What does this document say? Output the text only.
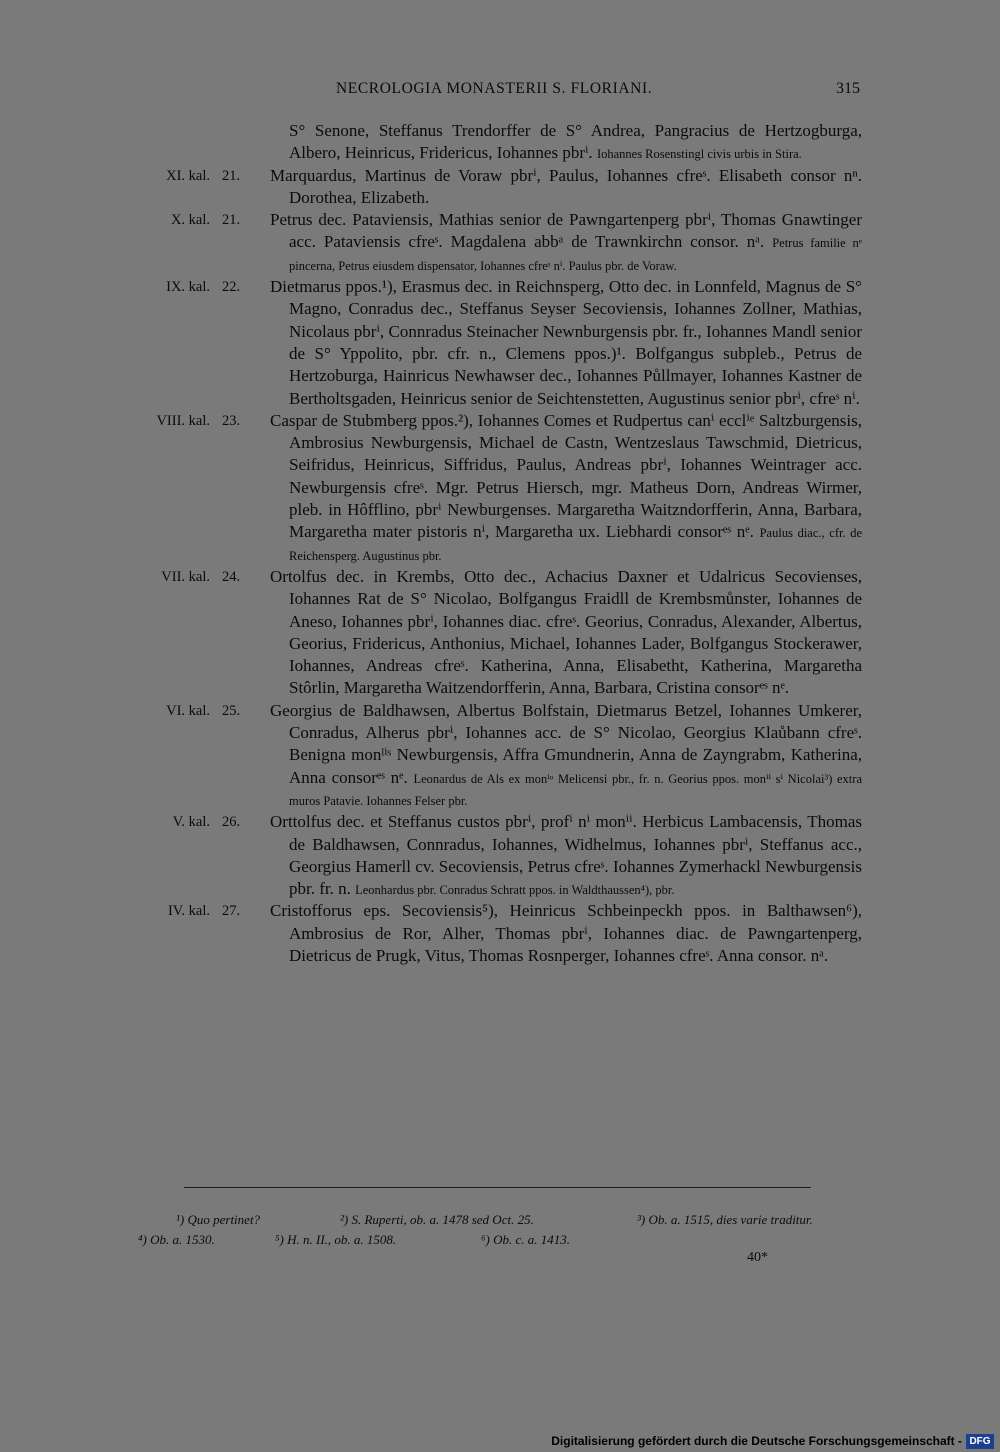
NECROLOGIA MONASTERII S. FLORIANI.	315
S° Senone, Steffanus Trendorffer de S° Andrea, Pangracius de Hertzogburga, Albero, Heinricus, Fridericus, Iohannes pbrⁱ. Iohannes Rosenstingl civis urbis in Stira.
XI. kal. 21.	Marquardus, Martinus de Voraw pbrⁱ, Paulus, Iohannes cfreˢ. Elisabeth consor nⁿ. Dorothea, Elizabeth.
X. kal. 21.	Petrus dec. Pataviensis, Mathias senior de Pawngartenperg pbrⁱ, Thomas Gnawtinger acc. Pataviensis cfreˢ. Magdalena abbᵃ de Trawnkirchn consor. nᵃ. Petrus familie nᵉ pincerna, Petrus eiusdem dispensator, Iohannes cfreˢ nⁱ. Paulus pbr. de Voraw.
IX. kal. 22.	Dietmarus ppos.¹), Erasmus dec. in Reichnsperg, Otto dec. in Lonnfeld, Magnus de S° Magno, Conradus dec., Steffanus Seyser Secoviensis, Iohannes Zollner, Mathias, Nicolaus pbrⁱ, Connradus Steinacher Newnburgensis pbr. fr., Iohannes Mandl senior de S° Yppolito, pbr. cfr. n., Clemens ppos.)¹. Bolfgangus subpleb., Petrus de Hertzoburga, Hainricus Newhawser dec., Iohannes Půllmayer, Iohannes Kastner de Bertholtsgaden, Heinricus senior de Seichtenstetten, Augustinus senior pbrⁱ, cfreˢ nⁱ.
VIII. kal. 23.	Caspar de Stubmberg ppos.²), Iohannes Comes et Rudpertus canⁱ ecclⁱᵉ Saltzburgensis, Ambrosius Newburgensis, Michael de Castn, Wentzeslaus Tawschmid, Dietricus, Seifridus, Heinricus, Siffridus, Paulus, Andreas pbrⁱ, Iohannes Weintrager acc. Newburgensis cfreˢ. Mgr. Petrus Hiersch, mgr. Matheus Dorn, Andreas Wirmer, pleb. in Hôfflino, pbrⁱ Newburgenses. Margaretha Waitzndorfferin, Anna, Barbara, Margaretha mater pistoris nⁱ, Margaretha ux. Liebhardi consorᵉˢ nᵉ. Paulus diac., cfr. de Reichensperg. Augustinus pbr.
VII. kal. 24.	Ortolfus dec. in Krembs, Otto dec., Achacius Daxner et Udalricus Secovienses, Iohannes Rat de S° Nicolao, Bolfgangus Fraidll de Krembsmůnster, Iohannes de Aneso, Iohannes pbrⁱ, Iohannes diac. cfreˢ. Georius, Conradus, Alexander, Albertus, Georius, Fridericus, Anthonius, Michael, Iohannes Lader, Bolfgangus Stockerawer, Iohannes, Andreas cfreˢ. Katherina, Anna, Elisabetht, Katherina, Margaretha Stôrlin, Margaretha Waitzendorfferin, Anna, Barbara, Cristina consorᵉˢ nᵉ.
VI. kal. 25.	Georgius de Baldhawsen, Albertus Bolfstain, Dietmarus Betzel, Iohannes Umkerer, Conradus, Alherus pbrⁱ, Iohannes acc. de S° Nicolao, Georgius Klaůbann cfreˢ. Benigna monˡⁱˢ Newburgensis, Affra Gmundnerin, Anna de Zayngrabm, Katherina, Anna consorᵉˢ nᵉ. Leonardus de Als ex monⁱᵒ Melicensi pbr., fr. n. Georius ppos. monⁱⁱ sⁱ Nicolai³) extra muros Patavie. Iohannes Felser pbr.
V. kal. 26.	Orttolfus dec. et Steffanus custos pbrⁱ, profⁱ nⁱ monⁱⁱ. Herbicus Lambacensis, Thomas de Baldhawsen, Connradus, Iohannes, Widhelmus, Iohannes pbrⁱ, Steffanus acc., Georgius Hamerll cv. Secoviensis, Petrus cfreˢ. Iohannes Zymerhackl Newburgensis pbr. fr. n. Leonhardus pbr. Conradus Schratt ppos. in Waldthaussen⁴), pbr.
IV. kal. 27.	Cristofforus eps. Secoviensis⁵), Heinricus Schbeinpeckh ppos. in Balthawsen⁶), Ambrosius de Ror, Alher, Thomas pbrⁱ, Iohannes diac. de Pawngartenperg, Dietricus de Prugk, Vitus, Thomas Rosnperger, Iohannes cfreˢ. Anna consor. nᵃ.
¹) Quo pertinet?	²) S. Ruperti, ob. a. 1478 sed Oct. 25.	³) Ob. a. 1515, dies varie traditur.
⁴) Ob. a. 1530.	⁵) H. n. II., ob. a. 1508.	⁶) Ob. c. a. 1413.
40*
Digitalisierung gefördert durch die Deutsche Forschungsgemeinschaft - DFG
